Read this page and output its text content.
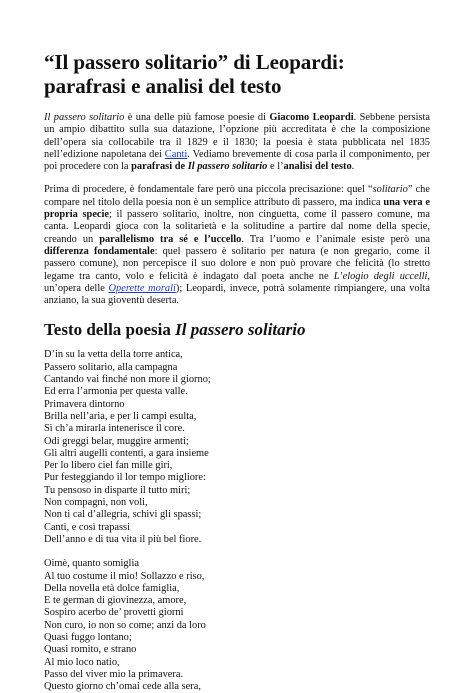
“Il passero solitario” di Leopardi: parafrasi e analisi del testo

Il passero solitario è una delle più famose poesie di Giacomo Leopardi. Sebbene persista un ampio dibattito sulla sua datazione, l’opzione più accreditata è che la composizione dell’opera sia collocabile tra il 1829 e il 1830; la poesia è stata pubblicata nel 1835 nell’edizione napoletana dei Canti. Vediamo brevemente di cosa parla il componimento, per poi procedere con la parafrasi de Il passero solitario e l’analisi del testo.

Prima di procedere, è fondamentale fare però una piccola precisazione: quel “solitario” che compare nel titolo della poesia non è un semplice attributo di passero, ma indica una vera e propria specie; il passero solitario, inoltre, non cinguetta, come il passero comune, ma canta. Leopardi gioca con la solitarietà e la solitudine a partire dal nome della specie, creando un parallelismo tra sé e l’uccello. Tra l’uomo e l’animale esiste però una differenza fondamentale: quel passero è solitario per natura (e non gregario, come il passero comune), non percepisce il suo dolore e non può provare che felicità (lo stretto legame tra canto, volo e felicità è indagato dal poeta anche ne L’elogio degli uccelli, un’opera delle Operette morali); Leopardi, invece, potrà solamente rimpiangere, una volta anziano, la sua gioventù deserta.

Testo della poesia Il passero solitario
D’in su la vetta della torre antica,
Passero solitario, alla campagna
Cantando vai finché non more il giorno;
Ed erra l’armonia per questa valle.
Primavera dintorno
Brilla nell’aria, e per li campi esulta,
Sì ch’a mirarla intenerisce il core.
Odi greggi belar, muggire armenti;
Gli altri augelli contenti, a gara insieme
Per lo libero ciel fan mille giri,
Pur festeggiando il lor tempo migliore:
Tu pensoso in disparte il tutto miri;
Non compagni, non voli,
Non ti cal d’allegria, schivi gli spassi;
Canti, e così trapassi
Dell’anno e di tua vita il più bel fiore.
Oimè, quanto somiglia
Al tuo costume il mio! Sollazzo e riso,
Della novella età dolce famiglia,
E te german di giovinezza, amore,
Sospiro acerbo de’ provetti giorni
Non curo, io non so come; anzi da loro
Quasi fuggo lontano;
Quasi romito, e strano
Al mio loco natio,
Passo del viver mio la primavera.
Questo giorno ch’omai cede alla sera,
